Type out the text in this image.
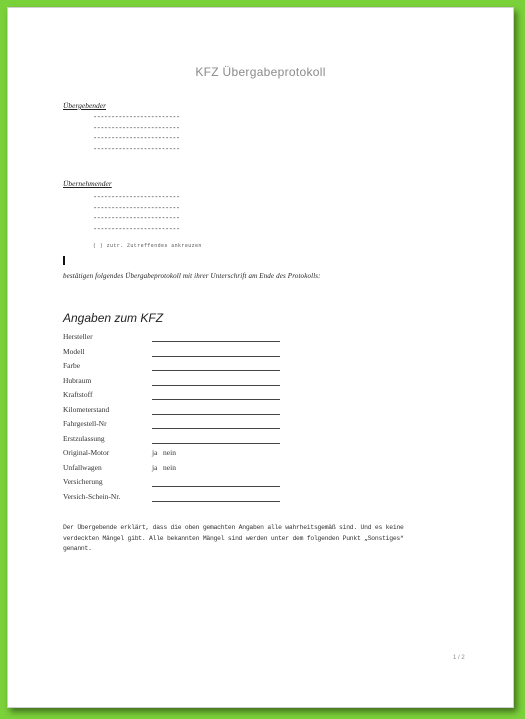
KFZ Übergabeprotokoll
Übergebender
------------------------
------------------------
------------------------
------------------------
Übernehmender
------------------------
------------------------
------------------------
------------------------
( ) zutr. Zutreffendes ankreuzen
bestätigen folgendes Übergabeprotokoll mit ihrer Unterschrift am Ende des Protokolls:
Angaben zum KFZ
Hersteller
Modell
Farbe
Hubraum
Kraftstoff
Kilometerstand
Fahrgestell-Nr
Erstzulassung
Original-Motor	ja   nein
Unfallwagen	ja   nein
Versicherung
Versich-Schein-Nr.
Der Übergebende erklärt, dass die oben gemachten Angaben alle wahrheitsgemäß sind. Und es keine
verdeckten Mängel gibt. Alle bekannten Mängel sind werden unter dem folgenden Punkt „Sonstiges“
genannt.
1 / 2
